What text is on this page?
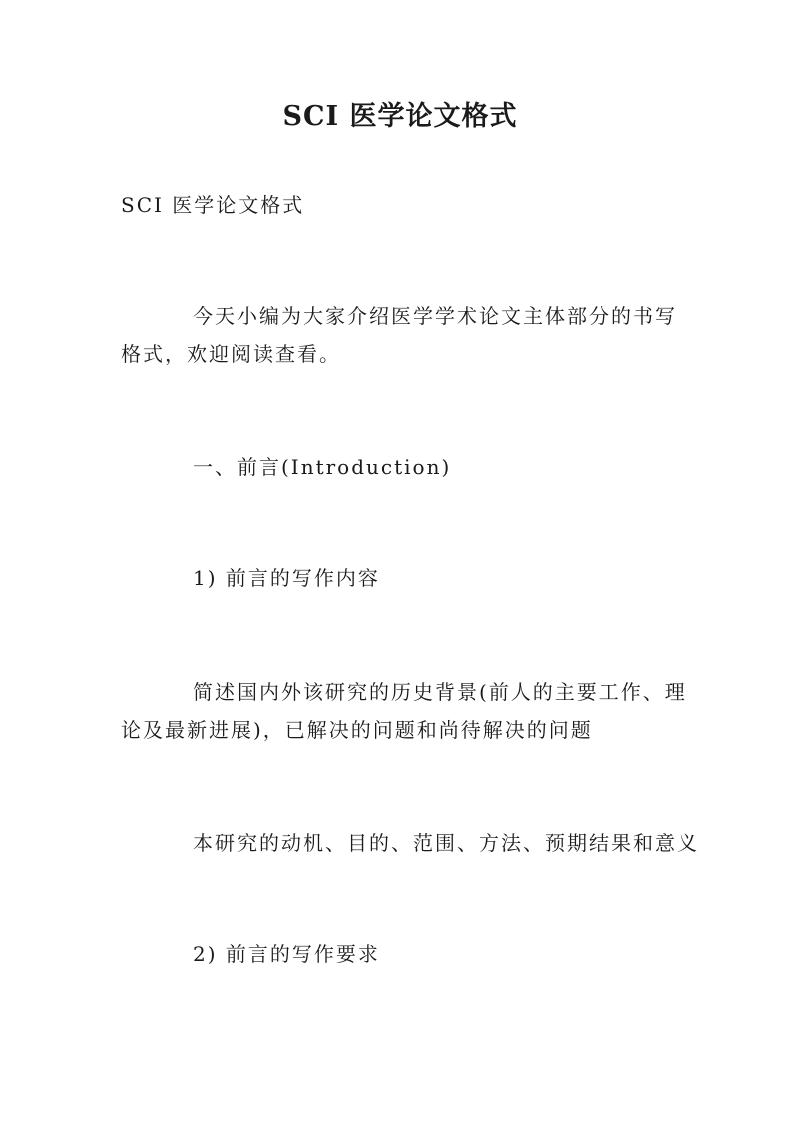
SCI 医学论文格式
SCI 医学论文格式
今天小编为大家介绍医学学术论文主体部分的书写
格式，欢迎阅读查看。
一、前言(Introduction)
1) 前言的写作内容
简述国内外该研究的历史背景(前人的主要工作、理
论及最新进展)，已解决的问题和尚待解决的问题
本研究的动机、目的、范围、方法、预期结果和意义
2) 前言的写作要求
